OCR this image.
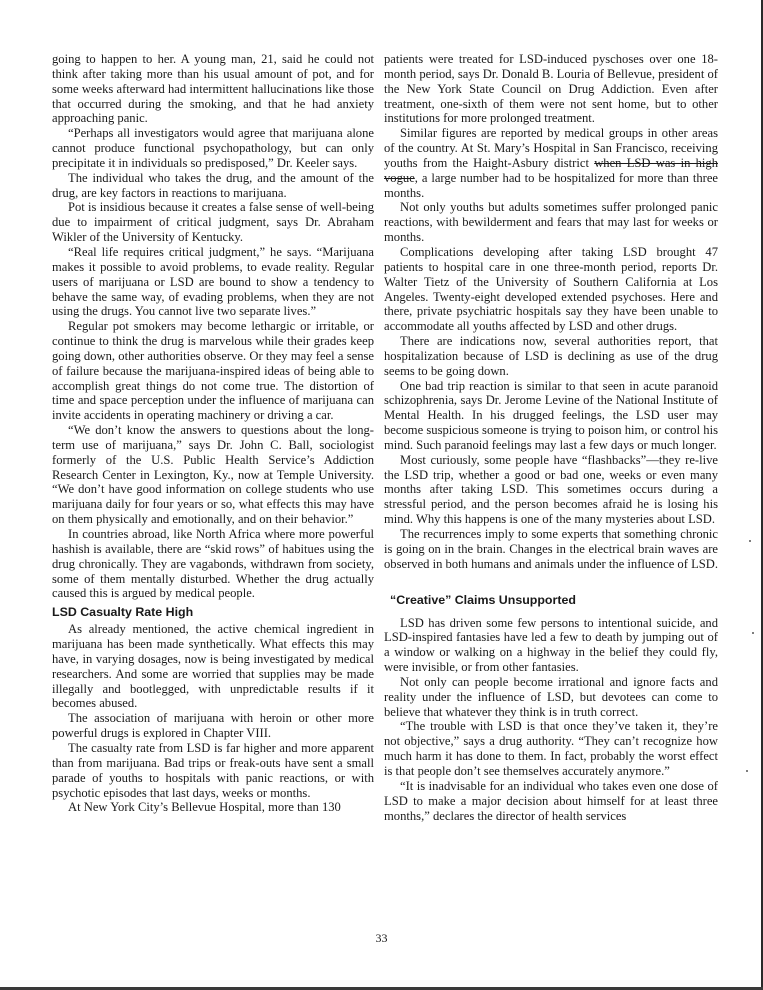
going to happen to her. A young man, 21, said he could not think after taking more than his usual amount of pot, and for some weeks afterward had intermittent hallucinations like those that occurred during the smoking, and that he had anxiety approaching panic.

“Perhaps all investigators would agree that marijuana alone cannot produce functional psychopathology, but can only precipitate it in individuals so predisposed,” Dr. Keeler says.

The individual who takes the drug, and the amount of the drug, are key factors in reactions to marijuana.

Pot is insidious because it creates a false sense of well-being due to impairment of critical judgment, says Dr. Abraham Wikler of the University of Kentucky.

“Real life requires critical judgment,” he says. “Marijuana makes it possible to avoid problems, to evade reality. Regular users of marijuana or LSD are bound to show a tendency to behave the same way, of evading problems, when they are not using the drugs. You cannot live two separate lives.”

Regular pot smokers may become lethargic or irritable, or continue to think the drug is marvelous while their grades keep going down, other authorities observe. Or they may feel a sense of failure because the marijuana-inspired ideas of being able to accomplish great things do not come true. The distortion of time and space perception under the influence of marijuana can invite accidents in operating machinery or driving a car.

“We don’t know the answers to questions about the long-term use of marijuana,” says Dr. John C. Ball, sociologist formerly of the U.S. Public Health Service’s Addiction Research Center in Lexington, Ky., now at Temple University. “We don’t have good information on college students who use marijuana daily for four years or so, what effects this may have on them physically and emotionally, and on their behavior.”

In countries abroad, like North Africa where more powerful hashish is available, there are “skid rows” of habitues using the drug chronically. They are vagabonds, withdrawn from society, some of them mentally disturbed. Whether the drug actually caused this is argued by medical people.

LSD Casualty Rate High

As already mentioned, the active chemical ingredient in marijuana has been made synthetically. What effects this may have, in varying dosages, now is being investigated by medical researchers. And some are worried that supplies may be made illegally and bootlegged, with unpredictable results if it becomes abused.

The association of marijuana with heroin or other more powerful drugs is explored in Chapter VIII.

The casualty rate from LSD is far higher and more apparent than from marijuana. Bad trips or freak-outs have sent a small parade of youths to hospitals with panic reactions, or with psychotic episodes that last days, weeks or months.

At New York City’s Bellevue Hospital, more than 130

patients were treated for LSD-induced pyschoses over one 18-month period, says Dr. Donald B. Louria of Bellevue, president of the New York State Council on Drug Addiction. Even after treatment, one-sixth of them were not sent home, but to other institutions for more prolonged treatment.

Similar figures are reported by medical groups in other areas of the country. At St. Mary’s Hospital in San Francisco, receiving youths from the Haight-Asbury district when LSD was in high vogue, a large number had to be hospitalized for more than three months.

Not only youths but adults sometimes suffer prolonged panic reactions, with bewilderment and fears that may last for weeks or months.

Complications developing after taking LSD brought 47 patients to hospital care in one three-month period, reports Dr. Walter Tietz of the University of Southern California at Los Angeles. Twenty-eight developed extended psychoses. Here and there, private psychiatric hospitals say they have been unable to accommodate all youths affected by LSD and other drugs.

There are indications now, several authorities report, that hospitalization because of LSD is declining as use of the drug seems to be going down.

One bad trip reaction is similar to that seen in acute paranoid schizophrenia, says Dr. Jerome Levine of the National Institute of Mental Health. In his drugged feelings, the LSD user may become suspicious someone is trying to poison him, or control his mind. Such paranoid feelings may last a few days or much longer.

Most curiously, some people have “flashbacks”—they re-live the LSD trip, whether a good or bad one, weeks or even many months after taking LSD. This sometimes occurs during a stressful period, and the person becomes afraid he is losing his mind. Why this happens is one of the many mysteries about LSD.

The recurrences imply to some experts that something chronic is going on in the brain. Changes in the electrical brain waves are observed in both humans and animals under the influence of LSD.

“Creative” Claims Unsupported

LSD has driven some few persons to intentional suicide, and LSD-inspired fantasies have led a few to death by jumping out of a window or walking on a highway in the belief they could fly, were invisible, or from other fantasies.

Not only can people become irrational and ignore facts and reality under the influence of LSD, but devotees can come to believe that whatever they think is in truth correct.

“The trouble with LSD is that once they’ve taken it, they’re not objective,” says a drug authority. “They can’t recognize how much harm it has done to them. In fact, probably the worst effect is that people don’t see themselves accurately anymore.”

“It is inadvisable for an individual who takes even one dose of LSD to make a major decision about himself for at least three months,” declares the director of health services

33
